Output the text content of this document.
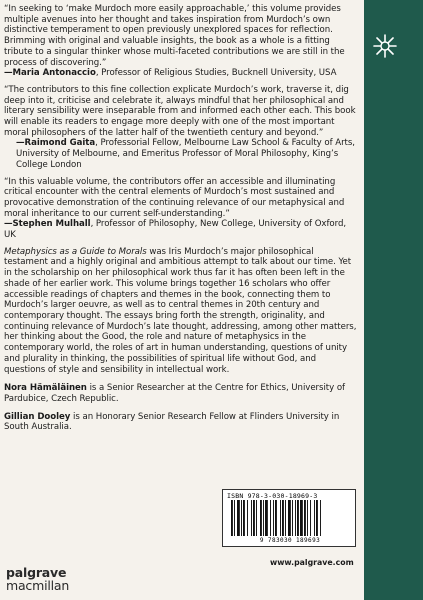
“In seeking to ‘make Murdoch more easily approachable,’ this volume provides multiple avenues into her thought and takes inspiration from Murdoch’s own distinctive temperament to open previously unexplored spaces for reflection. Brimming with original and valuable insights, the book as a whole is a fitting tribute to a singular thinker whose multi-faceted contributions we are still in the process of discovering.”

—Maria Antonaccio, Professor of Religious Studies, Bucknell University, USA

“The contributors to this fine collection explicate Murdoch’s work, traverse it, dig deep into it, criticise and celebrate it, always mindful that her philosophical and literary sensibility were inseparable from and informed each other each. This book will enable its readers to engage more deeply with one of the most important moral philosophers of the latter half of the twentieth century and beyond.”

—Raimond Gaita, Professorial Fellow, Melbourne Law School & Faculty of Arts, University of Melbourne, and Emeritus Professor of Moral Philosophy, King’s College London

“In this valuable volume, the contributors offer an accessible and illuminating critical encounter with the central elements of Murdoch’s most sustained and provocative demonstration of the continuing relevance of our metaphysical and moral inheritance to our current self-understanding.”

—Stephen Mulhall, Professor of Philosophy, New College, University of Oxford, UK

Metaphysics as a Guide to Morals was Iris Murdoch’s major philosophical testament and a highly original and ambitious attempt to talk about our time. Yet in the scholarship on her philosophical work thus far it has often been left in the shade of her earlier work. This volume brings together 16 scholars who offer accessible readings of chapters and themes in the book, connecting them to Murdoch’s larger oeuvre, as well as to central themes in 20th century and contemporary thought. The essays bring forth the strength, originality, and continuing relevance of Murdoch’s late thought, addressing, among other matters, her thinking about the Good, the role and nature of metaphysics in the contemporary world, the roles of art in human understanding, questions of unity and plurality in thinking, the possibilities of spiritual life without God, and questions of style and sensibility in intellectual work.

Nora Hämäläinen is a Senior Researcher at the Centre for Ethics, University of Pardubice, Czech Republic.

Gillian Dooley is an Honorary Senior Research Fellow at Flinders University in South Australia.

ISBN 978-3-030-18969-3
9 783030 189693
palgrave
macmillan
www.palgrave.com
